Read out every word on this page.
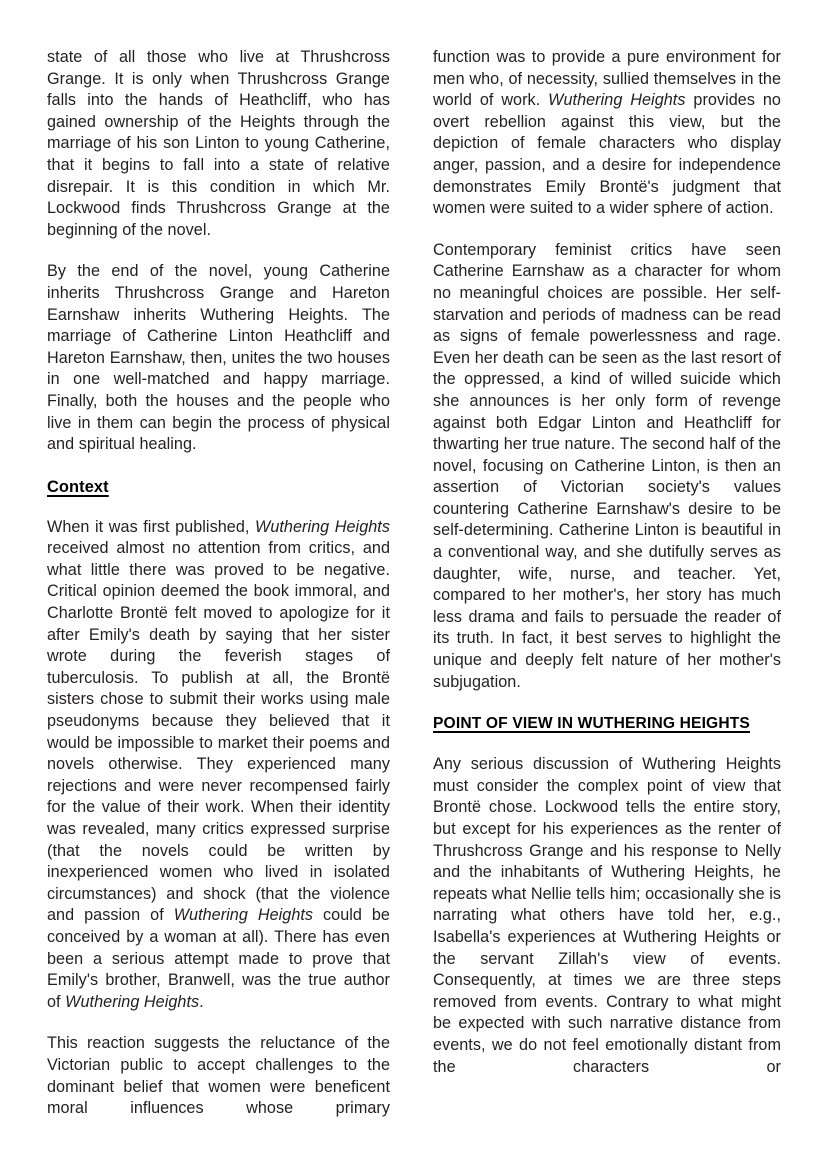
state of all those who live at Thrushcross Grange. It is only when Thrushcross Grange falls into the hands of Heathcliff, who has gained ownership of the Heights through the marriage of his son Linton to young Catherine, that it begins to fall into a state of relative disrepair. It is this condition in which Mr. Lockwood finds Thrushcross Grange at the beginning of the novel.

By the end of the novel, young Catherine inherits Thrushcross Grange and Hareton Earnshaw inherits Wuthering Heights. The marriage of Catherine Linton Heathcliff and Hareton Earnshaw, then, unites the two houses in one well-matched and happy marriage. Finally, both the houses and the people who live in them can begin the process of physical and spiritual healing.

Context

When it was first published, Wuthering Heights received almost no attention from critics, and what little there was proved to be negative. Critical opinion deemed the book immoral, and Charlotte Brontë felt moved to apologize for it after Emily's death by saying that her sister wrote during the feverish stages of tuberculosis. To publish at all, the Brontë sisters chose to submit their works using male pseudonyms because they believed that it would be impossible to market their poems and novels otherwise. They experienced many rejections and were never recompensed fairly for the value of their work. When their identity was revealed, many critics expressed surprise (that the novels could be written by inexperienced women who lived in isolated circumstances) and shock (that the violence and passion of Wuthering Heights could be conceived by a woman at all). There has even been a serious attempt made to prove that Emily's brother, Branwell, was the true author of Wuthering Heights.

This reaction suggests the reluctance of the Victorian public to accept challenges to the dominant belief that women were beneficent moral influences whose primary

function was to provide a pure environment for men who, of necessity, sullied themselves in the world of work. Wuthering Heights provides no overt rebellion against this view, but the depiction of female characters who display anger, passion, and a desire for independence demonstrates Emily Brontë's judgment that women were suited to a wider sphere of action.

Contemporary feminist critics have seen Catherine Earnshaw as a character for whom no meaningful choices are possible. Her self-starvation and periods of madness can be read as signs of female powerlessness and rage. Even her death can be seen as the last resort of the oppressed, a kind of willed suicide which she announces is her only form of revenge against both Edgar Linton and Heathcliff for thwarting her true nature. The second half of the novel, focusing on Catherine Linton, is then an assertion of Victorian society's values countering Catherine Earnshaw's desire to be self-determining. Catherine Linton is beautiful in a conventional way, and she dutifully serves as daughter, wife, nurse, and teacher. Yet, compared to her mother's, her story has much less drama and fails to persuade the reader of its truth. In fact, it best serves to highlight the unique and deeply felt nature of her mother's subjugation.

POINT OF VIEW IN WUTHERING HEIGHTS

Any serious discussion of Wuthering Heights must consider the complex point of view that Brontë chose. Lockwood tells the entire story, but except for his experiences as the renter of Thrushcross Grange and his response to Nelly and the inhabitants of Wuthering Heights, he repeats what Nellie tells him; occasionally she is narrating what others have told her, e.g., Isabella's experiences at Wuthering Heights or the servant Zillah's view of events. Consequently, at times we are three steps removed from events. Contrary to what might be expected with such narrative distance from events, we do not feel emotionally distant from the characters or
